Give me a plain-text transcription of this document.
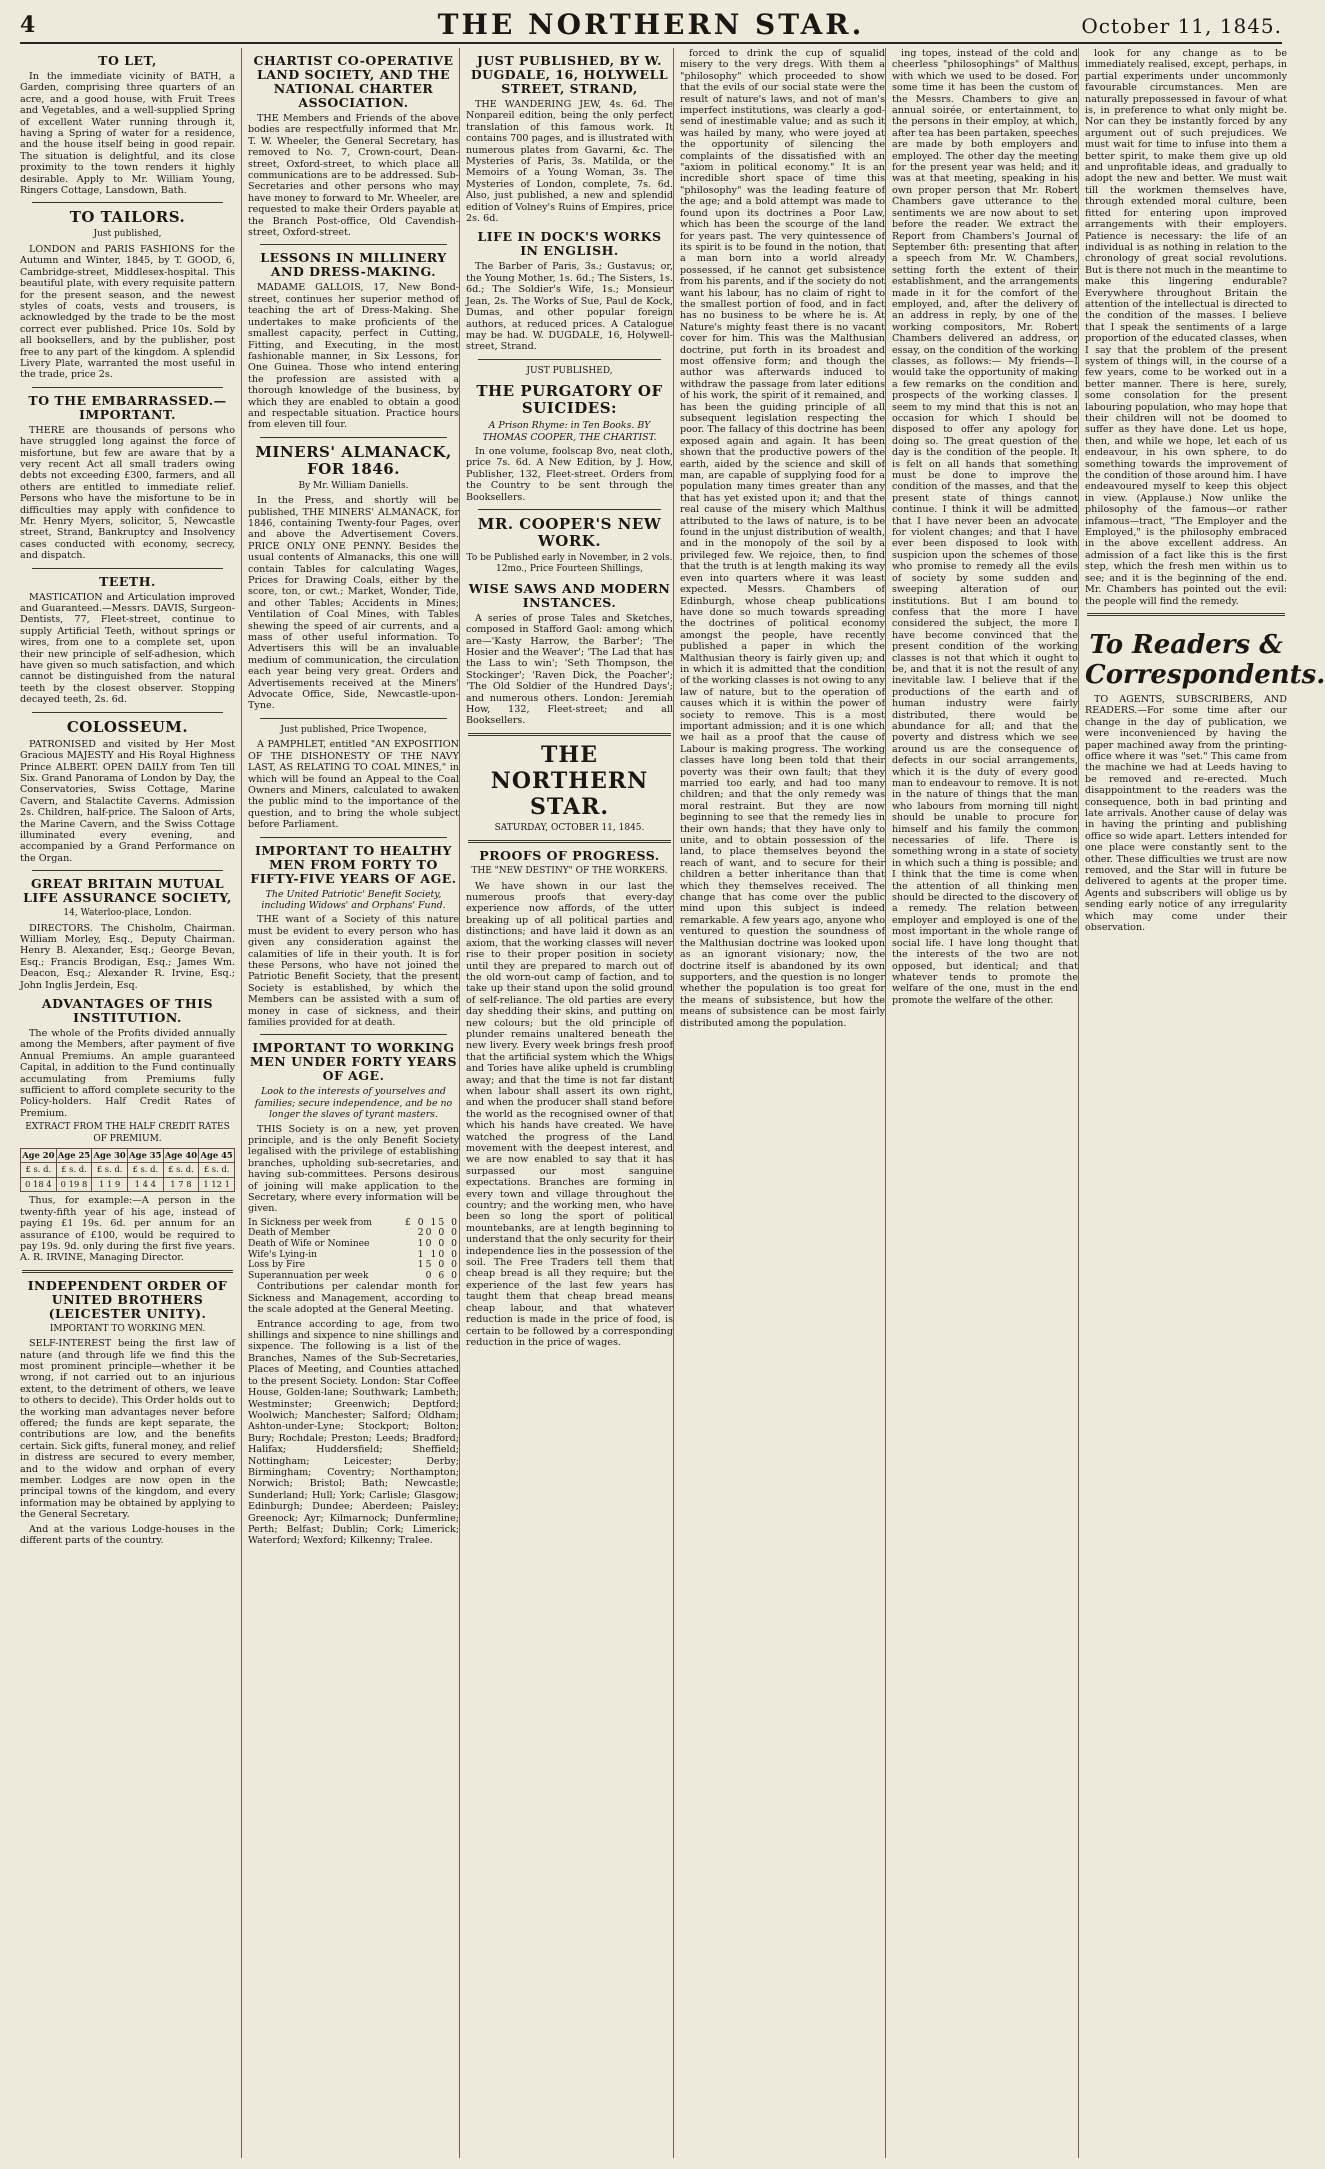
4	THE NORTHERN STAR.	October 11, 1845.
TO LET,

In the immediate vicinity of BATH, a Garden, comprising three quarters of an acre, and a good house, with Fruit Trees and Vegetables, and a well-supplied Spring of excellent Water running through it, having a Spring of water for a residence, and the house itself being in good repair. The situation is delightful, and its close proximity to the town renders it highly desirable. Apply to Mr. William Young, Ringers Cottage, Lansdown, Bath.

TO TAILORS.
Just published,

LONDON and PARIS FASHIONS for the Autumn and Winter, 1845, by T. GOOD, 6, Cambridge-street, Middlesex-hospital. This beautiful plate, with every requisite pattern for the present season, and the newest styles of coats, vests and trousers, is acknowledged by the trade to be the most correct ever published. Price 10s. Sold by all booksellers, and by the publisher, post free to any part of the kingdom. A splendid Livery Plate, warranted the most useful in the trade, price 2s.

TO THE EMBARRASSED.—IMPORTANT.

THERE are thousands of persons who have struggled long against the force of misfortune, but few are aware that by a very recent Act all small traders owing debts not exceeding £300, farmers, and all others are entitled to immediate relief. Persons who have the misfortune to be in difficulties may apply with confidence to Mr. Henry Myers, solicitor, 5, Newcastle street, Strand, Bankruptcy and Insolvency cases conducted with economy, secrecy, and dispatch.

TEETH.

MASTICATION and Articulation improved and Guaranteed.—Messrs. DAVIS, Surgeon-Dentists, 77, Fleet-street, continue to supply Artificial Teeth, without springs or wires, from one to a complete set, upon their new principle of self-adhesion, which have given so much satisfaction, and which cannot be distinguished from the natural teeth by the closest observer. Stopping decayed teeth, 2s. 6d.

COLOSSEUM.

PATRONISED and visited by Her Most Gracious MAJESTY and His Royal Highness Prince ALBERT. OPEN DAILY from Ten till Six. Grand Panorama of London by Day, the Conservatories, Swiss Cottage, Marine Cavern, and Stalactite Caverns. Admission 2s. Children, half-price. The Saloon of Arts, the Marine Cavern, and the Swiss Cottage illuminated every evening, and accompanied by a Grand Performance on the Organ.

GREAT BRITAIN MUTUAL LIFE ASSURANCE SOCIETY,
14, Waterloo-place, London.

DIRECTORS. The Chisholm, Chairman. William Morley, Esq., Deputy Chairman. Henry B. Alexander, Esq.; George Bevan, Esq.; Francis Brodigan, Esq.; James Wm. Deacon, Esq.; Alexander R. Irvine, Esq.; John Inglis Jerdein, Esq.

ADVANTAGES OF THIS INSTITUTION.

The whole of the Profits divided annually among the Members, after payment of five Annual Premiums. An ample guaranteed Capital, in addition to the Fund continually accumulating from Premiums fully sufficient to afford complete security to the Policy-holders. Half Credit Rates of Premium.

EXTRACT FROM THE HALF CREDIT RATES OF PREMIUM.
Age 20	Age 25	Age 30	Age 35	Age 40	Age 45
£ s. d.	£ s. d.	£ s. d.	£ s. d.	£ s. d.	£ s. d.
0 18 4	0 19 8	1 1 9	1 4 4	1 7 8	1 12 1

Thus, for example:—A person in the twenty-fifth year of his age, instead of paying £1 19s. 6d. per annum for an assurance of £100, would be required to pay 19s. 9d. only during the first five years. A. R. IRVINE, Managing Director.

INDEPENDENT ORDER OF UNITED BROTHERS (LEICESTER UNITY).
IMPORTANT TO WORKING MEN.

SELF-INTEREST being the first law of nature (and through life we find this the most prominent principle—whether it be wrong, if not carried out to an injurious extent, to the detriment of others, we leave to others to decide). This Order holds out to the working man advantages never before offered; the funds are kept separate, the contributions are low, and the benefits certain. Sick gifts, funeral money, and relief in distress are secured to every member, and to the widow and orphan of every member. Lodges are now open in the principal towns of the kingdom, and every information may be obtained by applying to the General Secretary.

And at the various Lodge-houses in the different parts of the country.

CHARTIST CO-OPERATIVE LAND SOCIETY, AND THE NATIONAL CHARTER ASSOCIATION.

THE Members and Friends of the above bodies are respectfully informed that Mr. T. W. Wheeler, the General Secretary, has removed to No. 7, Crown-court, Dean-street, Oxford-street, to which place all communications are to be addressed. Sub-Secretaries and other persons who may have money to forward to Mr. Wheeler, are requested to make their Orders payable at the Branch Post-office, Old Cavendish-street, Oxford-street.

LESSONS IN MILLINERY AND DRESS-MAKING.

MADAME GALLOIS, 17, New Bond-street, continues her superior method of teaching the art of Dress-Making. She undertakes to make proficients of the smallest capacity, perfect in Cutting, Fitting, and Executing, in the most fashionable manner, in Six Lessons, for One Guinea. Those who intend entering the profession are assisted with a thorough knowledge of the business, by which they are enabled to obtain a good and respectable situation. Practice hours from eleven till four.

MINERS' ALMANACK, FOR 1846.
By Mr. William Daniells.

In the Press, and shortly will be published, THE MINERS' ALMANACK, for 1846, containing Twenty-four Pages, over and above the Advertisement Covers. PRICE ONLY ONE PENNY. Besides the usual contents of Almanacks, this one will contain Tables for calculating Wages, Prices for Drawing Coals, either by the score, ton, or cwt.; Market, Wonder, Tide, and other Tables; Accidents in Mines; Ventilation of Coal Mines, with Tables shewing the speed of air currents, and a mass of other useful information. To Advertisers this will be an invaluable medium of communication, the circulation each year being very great. Orders and Advertisements received at the Miners' Advocate Office, Side, Newcastle-upon-Tyne.

Just published, Price Twopence,

A PAMPHLET, entitled "AN EXPOSITION OF THE DISHONESTY OF THE NAVY LAST, AS RELATING TO COAL MINES," in which will be found an Appeal to the Coal Owners and Miners, calculated to awaken the public mind to the importance of the question, and to bring the whole subject before Parliament.

IMPORTANT TO HEALTHY MEN FROM FORTY TO FIFTY-FIVE YEARS OF AGE.
The United Patriotic' Benefit Society, including Widows' and Orphans' Fund.

THE want of a Society of this nature must be evident to every person who has given any consideration against the calamities of life in their youth. It is for these Persons, who have not joined the Patriotic Benefit Society, that the present Society is established, by which the Members can be assisted with a sum of money in case of sickness, and their families provided for at death.

IMPORTANT TO WORKING MEN UNDER FORTY YEARS OF AGE.
Look to the interests of yourselves and families; secure independence, and be no longer the slaves of tyrant masters.

THIS Society is on a new, yet proven principle, and is the only Benefit Society legalised with the privilege of establishing branches, upholding sub-secretaries, and having sub-committees. Persons desirous of joining will make application to the Secretary, where every information will be given.

In Sickness per week from	£ 0 15 0
Death of Member	20 0 0
Death of Wife or Nominee	10 0 0
Wife's Lying-in	1 10 0
Loss by Fire	15 0 0
Superannuation per week	0 6 0

Contributions per calendar month for Sickness and Management, according to the scale adopted at the General Meeting.

Entrance according to age, from two shillings and sixpence to nine shillings and sixpence. The following is a list of the Branches, Names of the Sub-Secretaries, Places of Meeting, and Counties attached to the present Society. London: Star Coffee House, Golden-lane; Southwark; Lambeth; Westminster; Greenwich; Deptford; Woolwich; Manchester; Salford; Oldham; Ashton-under-Lyne; Stockport; Bolton; Bury; Rochdale; Preston; Leeds; Bradford; Halifax; Huddersfield; Sheffield; Nottingham; Leicester; Derby; Birmingham; Coventry; Northampton; Norwich; Bristol; Bath; Newcastle; Sunderland; Hull; York; Carlisle; Glasgow; Edinburgh; Dundee; Aberdeen; Paisley; Greenock; Ayr; Kilmarnock; Dunfermline; Perth; Belfast; Dublin; Cork; Limerick; Waterford; Wexford; Kilkenny; Tralee.

JUST PUBLISHED, BY W. DUGDALE, 16, HOLYWELL STREET, STRAND,

THE WANDERING JEW, 4s. 6d. The Nonpareil edition, being the only perfect translation of this famous work. It contains 700 pages, and is illustrated with numerous plates from Gavarni, &c. The Mysteries of Paris, 3s. Matilda, or the Memoirs of a Young Woman, 3s. The Mysteries of London, complete, 7s. 6d. Also, just published, a new and splendid edition of Volney's Ruins of Empires, price 2s. 6d.

LIFE IN DOCK'S WORKS IN ENGLISH.

The Barber of Paris, 3s.; Gustavus; or, the Young Mother, 1s. 6d.; The Sisters, 1s. 6d.; The Soldier's Wife, 1s.; Monsieur Jean, 2s. The Works of Sue, Paul de Kock, Dumas, and other popular foreign authors, at reduced prices. A Catalogue may be had. W. DUGDALE, 16, Holywell-street, Strand.

JUST PUBLISHED,
THE PURGATORY OF SUICIDES:
A Prison Rhyme: in Ten Books. BY THOMAS COOPER, THE CHARTIST.

In one volume, foolscap 8vo, neat cloth, price 7s. 6d. A New Edition, by J. How, Publisher, 132, Fleet-street. Orders from the Country to be sent through the Booksellers.

MR. COOPER'S NEW WORK.
To be Published early in November, in 2 vols. 12mo., Price Fourteen Shillings,
WISE SAWS AND MODERN INSTANCES.

A series of prose Tales and Sketches, composed in Stafford Gaol: among which are—'Kasty Harrow, the Barber'; 'The Hosier and the Weaver'; 'The Lad that has the Lass to win'; 'Seth Thompson, the Stockinger'; 'Raven Dick, the Poacher'; 'The Old Soldier of the Hundred Days'; and numerous others. London: Jeremiah How, 132, Fleet-street; and all Booksellers.

THE NORTHERN STAR.
SATURDAY, OCTOBER 11, 1845.
PROOFS OF PROGRESS.
THE "NEW DESTINY" OF THE WORKERS.

We have shown in our last the numerous proofs that every-day experience now affords, of the utter breaking up of all political parties and distinctions; and have laid it down as an axiom, that the working classes will never rise to their proper position in society until they are prepared to march out of the old worn-out camp of faction, and to take up their stand upon the solid ground of self-reliance. The old parties are every day shedding their skins, and putting on new colours; but the old principle of plunder remains unaltered beneath the new livery. Every week brings fresh proof that the artificial system which the Whigs and Tories have alike upheld is crumbling away; and that the time is not far distant when labour shall assert its own right, and when the producer shall stand before the world as the recognised owner of that which his hands have created. We have watched the progress of the Land movement with the deepest interest, and we are now enabled to say that it has surpassed our most sanguine expectations. Branches are forming in every town and village throughout the country; and the working men, who have been so long the sport of political mountebanks, are at length beginning to understand that the only security for their independence lies in the possession of the soil. The Free Traders tell them that cheap bread is all they require; but the experience of the last few years has taught them that cheap bread means cheap labour, and that whatever reduction is made in the price of food, is certain to be followed by a corresponding reduction in the price of wages.

forced to drink the cup of squalid misery to the very dregs. With them a "philosophy" which proceeded to show that the evils of our social state were the result of nature's laws, and not of man's imperfect institutions, was clearly a god-send of inestimable value; and as such it was hailed by many, who were joyed at the opportunity of silencing the complaints of the dissatisfied with an "axiom in political economy." It is an incredible short space of time this "philosophy" was the leading feature of the age; and a bold attempt was made to found upon its doctrines a Poor Law, which has been the scourge of the land for years past. The very quintessence of its spirit is to be found in the notion, that a man born into a world already possessed, if he cannot get subsistence from his parents, and if the society do not want his labour, has no claim of right to the smallest portion of food, and in fact has no business to be where he is. At Nature's mighty feast there is no vacant cover for him. This was the Malthusian doctrine, put forth in its broadest and most offensive form; and though the author was afterwards induced to withdraw the passage from later editions of his work, the spirit of it remained, and has been the guiding principle of all subsequent legislation respecting the poor. The fallacy of this doctrine has been exposed again and again. It has been shown that the productive powers of the earth, aided by the science and skill of man, are capable of supplying food for a population many times greater than any that has yet existed upon it; and that the real cause of the misery which Malthus attributed to the laws of nature, is to be found in the unjust distribution of wealth, and in the monopoly of the soil by a privileged few. We rejoice, then, to find that the truth is at length making its way even into quarters where it was least expected. Messrs. Chambers of Edinburgh, whose cheap publications have done so much towards spreading the doctrines of political economy amongst the people, have recently published a paper in which the Malthusian theory is fairly given up; and in which it is admitted that the condition of the working classes is not owing to any law of nature, but to the operation of causes which it is within the power of society to remove. This is a most important admission; and it is one which we hail as a proof that the cause of Labour is making progress. The working classes have long been told that their poverty was their own fault; that they married too early, and had too many children; and that the only remedy was moral restraint. But they are now beginning to see that the remedy lies in their own hands; that they have only to unite, and to obtain possession of the land, to place themselves beyond the reach of want, and to secure for their children a better inheritance than that which they themselves received. The change that has come over the public mind upon this subject is indeed remarkable. A few years ago, anyone who ventured to question the soundness of the Malthusian doctrine was looked upon as an ignorant visionary; now, the doctrine itself is abandoned by its own supporters, and the question is no longer whether the population is too great for the means of subsistence, but how the means of subsistence can be most fairly distributed among the population.

ing topes, instead of the cold and cheerless "philosophings" of Malthus with which we used to be dosed. For some time it has been the custom of the Messrs. Chambers to give an annual soirée, or entertainment, to the persons in their employ, at which, after tea has been partaken, speeches are made by both employers and employed. The other day the meeting for the present year was held; and it was at that meeting, speaking in his own proper person that Mr. Robert Chambers gave utterance to the sentiments we are now about to set before the reader. We extract the Report from Chambers's Journal of September 6th: presenting that after a speech from Mr. W. Chambers, setting forth the extent of their establishment, and the arrangements made in it for the comfort of the employed, and, after the delivery of an address in reply, by one of the working compositors, Mr. Robert Chambers delivered an address, or essay, on the condition of the working classes, as follows:— My friends—I would take the opportunity of making a few remarks on the condition and prospects of the working classes. I seem to my mind that this is not an occasion for which I should be disposed to offer any apology for doing so. The great question of the day is the condition of the people. It is felt on all hands that something must be done to improve the condition of the masses, and that the present state of things cannot continue. I think it will be admitted that I have never been an advocate for violent changes; and that I have ever been disposed to look with suspicion upon the schemes of those who promise to remedy all the evils of society by some sudden and sweeping alteration of our institutions. But I am bound to confess that the more I have considered the subject, the more I have become convinced that the present condition of the working classes is not that which it ought to be, and that it is not the result of any inevitable law. I believe that if the productions of the earth and of human industry were fairly distributed, there would be abundance for all; and that the poverty and distress which we see around us are the consequence of defects in our social arrangements, which it is the duty of every good man to endeavour to remove. It is not in the nature of things that the man who labours from morning till night should be unable to procure for himself and his family the common necessaries of life. There is something wrong in a state of society in which such a thing is possible; and I think that the time is come when the attention of all thinking men should be directed to the discovery of a remedy. The relation between employer and employed is one of the most important in the whole range of social life. I have long thought that the interests of the two are not opposed, but identical; and that whatever tends to promote the welfare of the one, must in the end promote the welfare of the other.

look for any change as to be immediately realised, except, perhaps, in partial experiments under uncommonly favourable circumstances. Men are naturally prepossessed in favour of what is, in preference to what only might be. Nor can they be instantly forced by any argument out of such prejudices. We must wait for time to infuse into them a better spirit, to make them give up old and unprofitable ideas, and gradually to adopt the new and better. We must wait till the workmen themselves have, through extended moral culture, been fitted for entering upon improved arrangements with their employers. Patience is necessary: the life of an individual is as nothing in relation to the chronology of great social revolutions. But is there not much in the meantime to make this lingering endurable? Everywhere throughout Britain the attention of the intellectual is directed to the condition of the masses. I believe that I speak the sentiments of a large proportion of the educated classes, when I say that the problem of the present system of things will, in the course of a few years, come to be worked out in a better manner. There is here, surely, some consolation for the present labouring population, who may hope that their children will not be doomed to suffer as they have done. Let us hope, then, and while we hope, let each of us endeavour, in his own sphere, to do something towards the improvement of the condition of those around him. I have endeavoured myself to keep this object in view. (Applause.) Now unlike the philosophy of the famous—or rather infamous—tract, "The Employer and the Employed," is the philosophy embraced in the above excellent address. An admission of a fact like this is the first step, which the fresh men within us to see; and it is the beginning of the end. Mr. Chambers has pointed out the evil: the people will find the remedy.

To Readers & Correspondents.

TO AGENTS, SUBSCRIBERS, AND READERS.—For some time after our change in the day of publication, we were inconvenienced by having the paper machined away from the printing-office where it was "set." This came from the machine we had at Leeds having to be removed and re-erected. Much disappointment to the readers was the consequence, both in bad printing and late arrivals. Another cause of delay was in having the printing and publishing office so wide apart. Letters intended for one place were constantly sent to the other. These difficulties we trust are now removed, and the Star will in future be delivered to agents at the proper time. Agents and subscribers will oblige us by sending early notice of any irregularity which may come under their observation.
